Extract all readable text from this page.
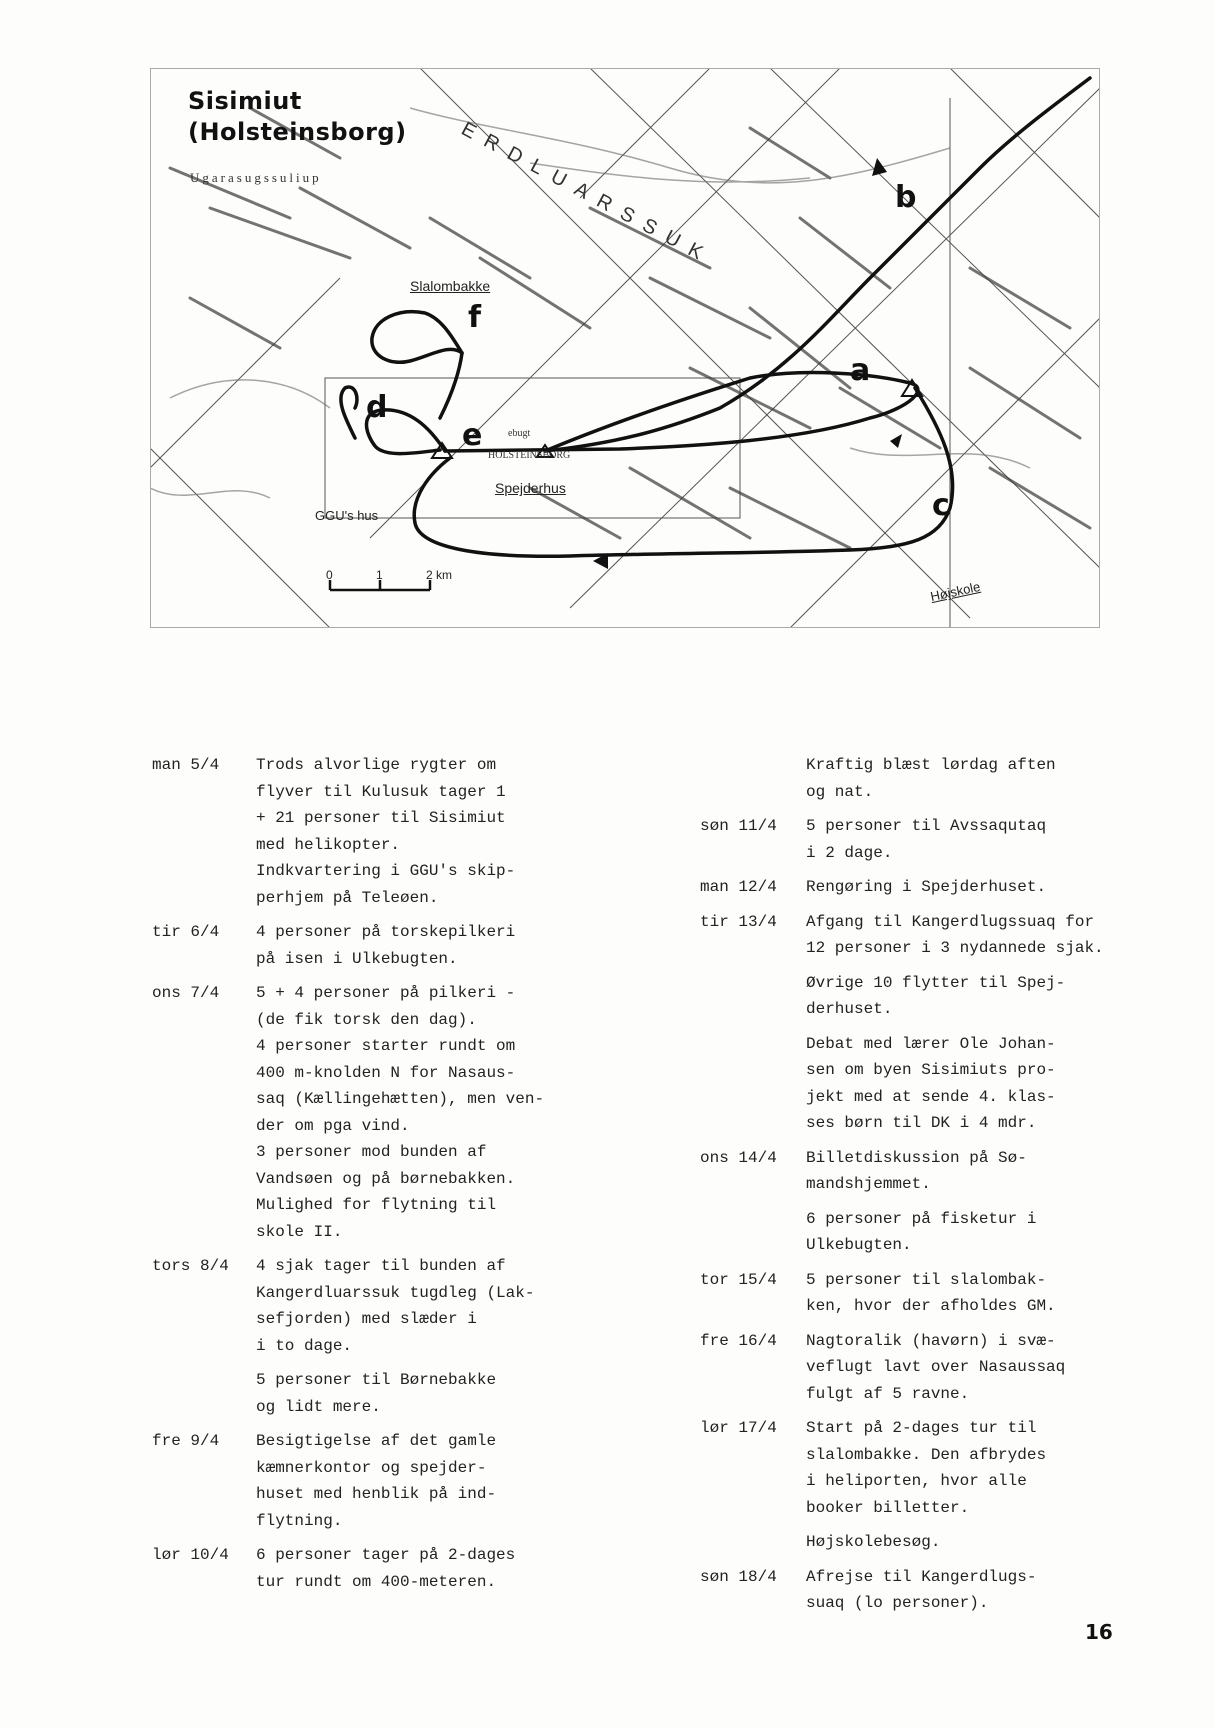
Sisimiut
(Holsteinsborg)
Ugarasugssuliup	ERDLUARSSUK
HOLSTEINSBORG
ebugt
Slalombakke
Spejderhus
GGU's hus
Højskole
0	1	2 km
a
b
c
d
e
f
man 5/4	Trods alvorlige rygter om
flyver til Kulusuk tager 1
+ 21 personer til Sisimiut
med helikopter.
Indkvartering i GGU's skip-
perhjem på Teleøen.
tir 6/4	4 personer på torskepilkeri
på isen i Ulkebugten.
ons 7/4	5 + 4 personer på pilkeri -
(de fik torsk den dag).
4 personer starter rundt om
400 m-knolden N for Nasaus-
saq (Kællingehætten), men ven-
der om pga vind.
3 personer mod bunden af
Vandsøen og på børnebakken.
Mulighed for flytning til
skole II.
tors 8/4	4 sjak tager til bunden af
Kangerdluarssuk tugdleg (Lak-
sefjorden) med slæder i
i to dage.
5 personer til Børnebakke
og lidt mere.
fre 9/4	Besigtigelse af det gamle
kæmnerkontor og spejder-
huset med henblik på ind-
flytning.
lør 10/4	6 personer tager på 2-dages
tur rundt om 400-meteren.
Kraftig blæst lørdag aften
og nat.
søn 11/4	5 personer til Avssaqutaq
i 2 dage.
man 12/4	Rengøring i Spejderhuset.
tir 13/4	Afgang til Kangerdlugssuaq for
12 personer i 3 nydannede sjak.
Øvrige 10 flytter til Spej-
derhuset.
Debat med lærer Ole Johan-
sen om byen Sisimiuts pro-
jekt med at sende 4. klas-
ses børn til DK i 4 mdr.
ons 14/4	Billetdiskussion på Sø-
mandshjemmet.
6 personer på fisketur i
Ulkebugten.
tor 15/4	5 personer til slalombak-
ken, hvor der afholdes GM.
fre 16/4	Nagtoralik (havørn) i svæ-
veflugt lavt over Nasaussaq
fulgt af 5 ravne.
lør 17/4	Start på 2-dages tur til
slalombakke. Den afbrydes
i heliporten, hvor alle
booker billetter.
Højskolebesøg.
søn 18/4	Afrejse til Kangerdlugs-
suaq (lo personer).
16
